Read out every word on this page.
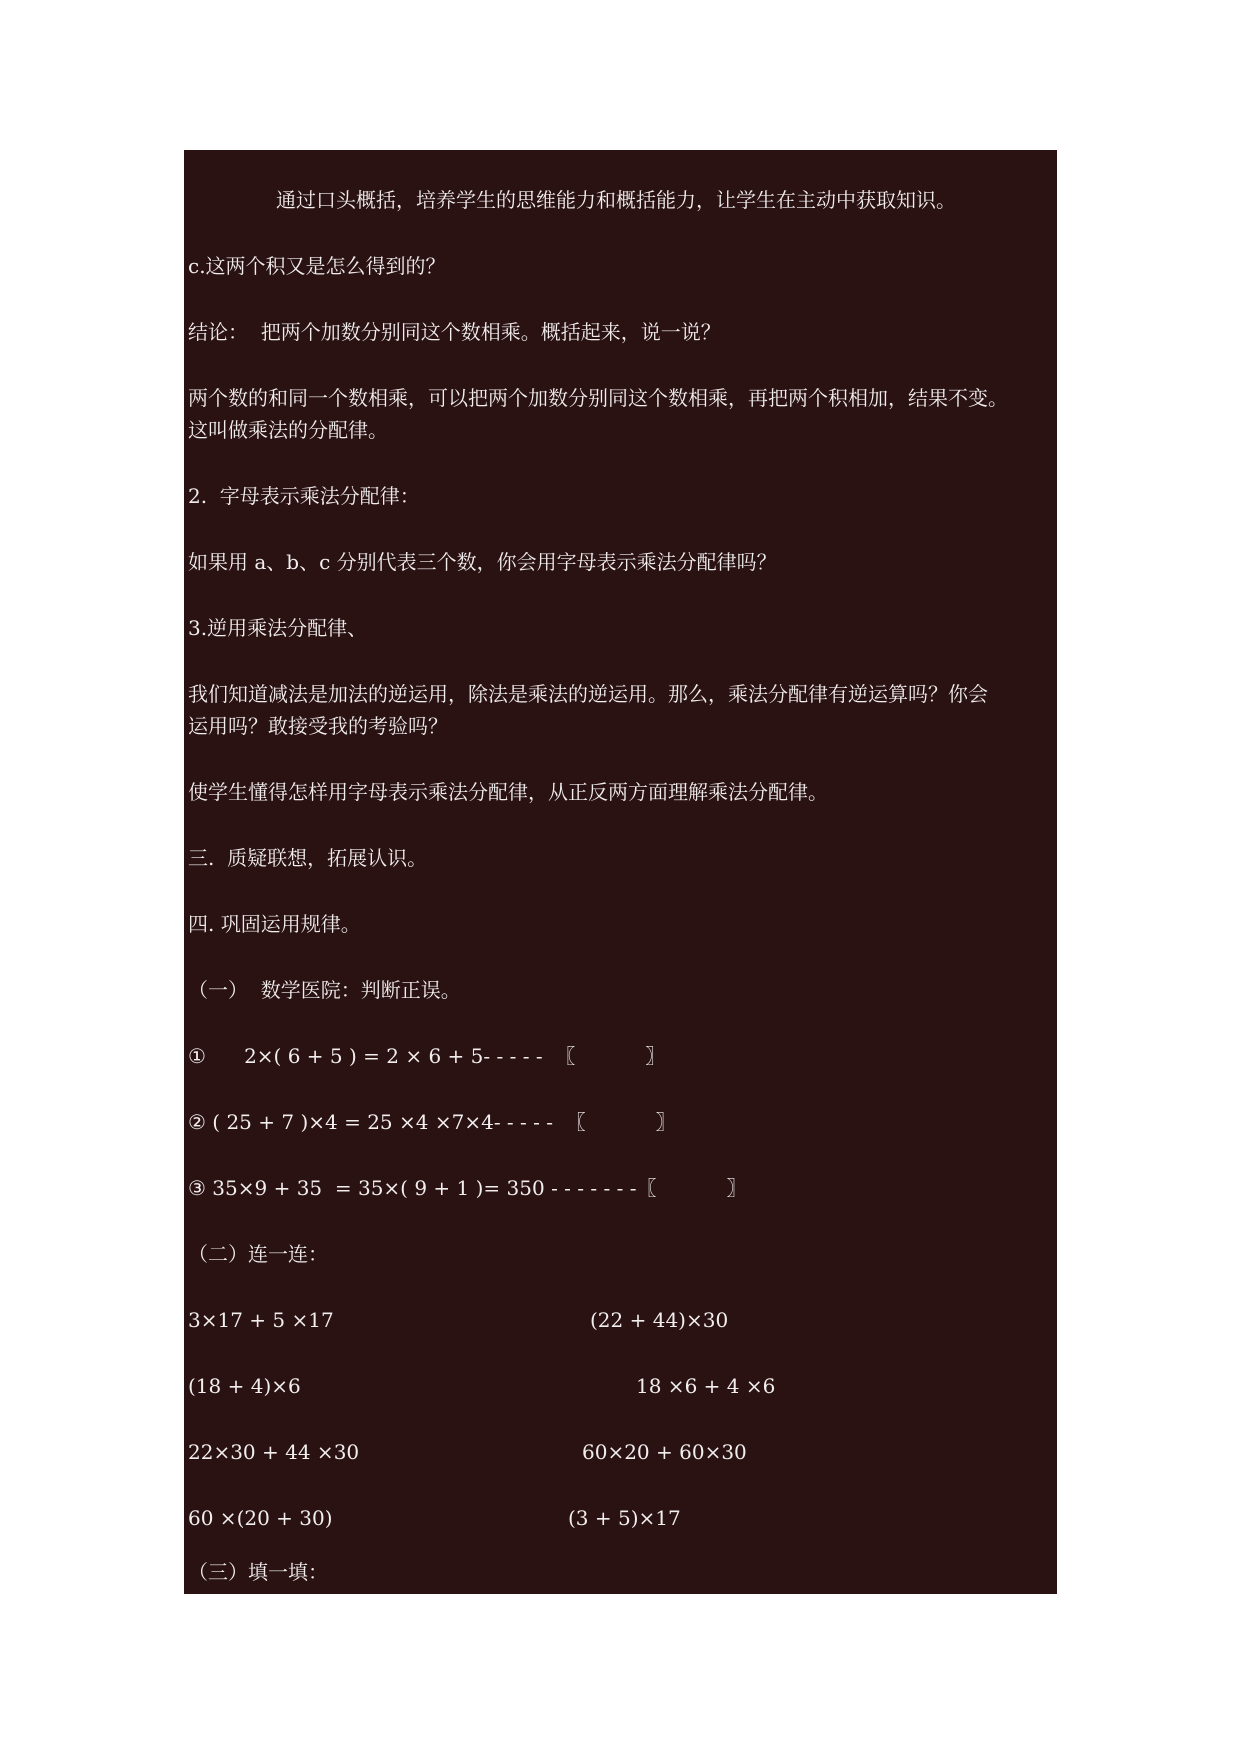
通过口头概括，培养学生的思维能力和概括能力，让学生在主动中获取知识。
c.这两个积又是怎么得到的？
结论：  把两个加数分别同这个数相乘。概括起来，说一说？
两个数的和同一个数相乘，可以把两个加数分别同这个数相乘，再把两个积相加，结果不变。
这叫做乘法的分配律。
2.  字母表示乘法分配律：
如果用 a、b、c 分别代表三个数，你会用字母表示乘法分配律吗？
3.逆用乘法分配律、
我们知道减法是加法的逆运用，除法是乘法的逆运用。那么，乘法分配律有逆运算吗？你会
运用吗？敢接受我的考验吗？
使学生懂得怎样用字母表示乘法分配律，从正反两方面理解乘法分配律。
三.  质疑联想，拓展认识。
四. 巩固运用规律。
（一）  数学医院：判断正误。
①      2×( 6 + 5 ) = 2 × 6 + 5- - - - -  〖           〗
② ( 25 + 7 )×4 = 25 ×4 ×7×4- - - - -  〖           〗
③ 35×9 + 35  = 35×( 9 + 1 )= 350 - - - - - - -〖           〗
（二）连一连：
3×17 + 5 ×17	(22 + 44)×30
(18 + 4)×6	18 ×6 + 4 ×6
22×30 + 44 ×30	60×20 + 60×30
60 ×(20 + 30)	(3 + 5)×17
（三）填一填：
